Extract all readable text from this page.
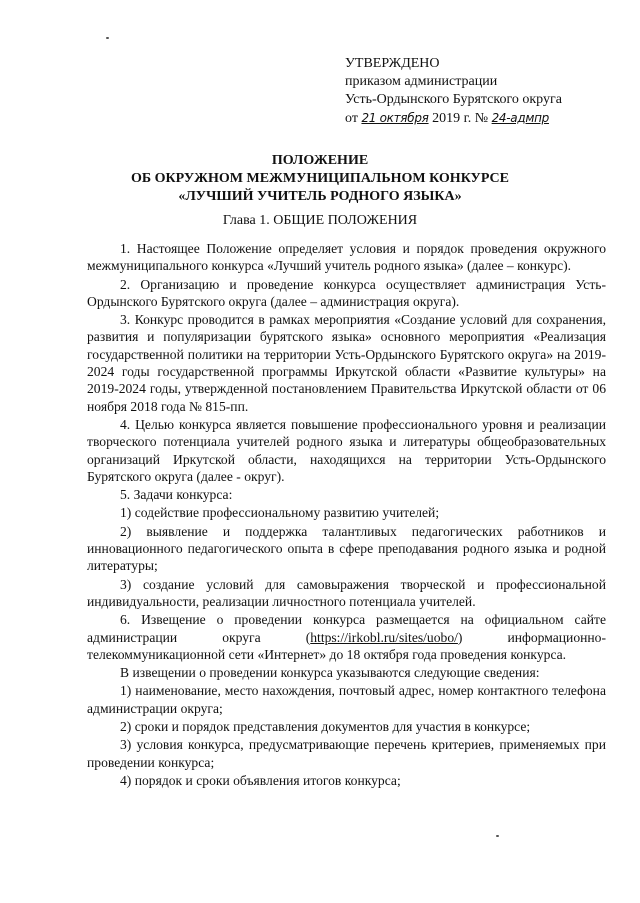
УТВЕРЖДЕНО
приказом администрации
Усть-Ордынского Бурятского округа
от 21 октября 2019 г. № 24-адмпр
ПОЛОЖЕНИЕ
ОБ ОКРУЖНОМ МЕЖМУНИЦИПАЛЬНОМ КОНКУРСЕ
«ЛУЧШИЙ УЧИТЕЛЬ РОДНОГО ЯЗЫКА»
Глава 1. ОБЩИЕ ПОЛОЖЕНИЯ

1. Настоящее Положение определяет условия и порядок проведения окружного межмуниципального конкурса «Лучший учитель родного языка» (далее – конкурс).

2. Организацию и проведение конкурса осуществляет администрация Усть-Ордынского Бурятского округа (далее – администрация округа).

3. Конкурс проводится в рамках мероприятия «Создание условий для сохранения, развития и популяризации бурятского языка» основного мероприятия «Реализация государственной политики на территории Усть-Ордынского Бурятского округа» на 2019-2024 годы государственной программы Иркутской области «Развитие культуры» на 2019-2024 годы, утвержденной постановлением Правительства Иркутской области от 06 ноября 2018 года № 815-пп.

4. Целью конкурса является повышение профессионального уровня и реализации творческого потенциала учителей родного языка и литературы общеобразовательных организаций Иркутской области, находящихся на территории Усть-Ордынского Бурятского округа (далее - округ).

5. Задачи конкурса:

1) содействие профессиональному развитию учителей;

2) выявление и поддержка талантливых педагогических работников и инновационного педагогического опыта в сфере преподавания родного языка и родной литературы;

3) создание условий для самовыражения творческой и профессиональной индивидуальности, реализации личностного потенциала учителей.

6. Извещение о проведении конкурса размещается на официальном сайте администрации округа (https://irkobl.ru/sites/uobo/) информационно-телекоммуникационной сети «Интернет» до 18 октября года проведения конкурса.

В извещении о проведении конкурса указываются следующие сведения:

1) наименование, место нахождения, почтовый адрес, номер контактного телефона администрации округа;

2) сроки и порядок представления документов для участия в конкурсе;

3) условия конкурса, предусматривающие перечень критериев, применяемых при проведении конкурса;

4) порядок и сроки объявления итогов конкурса;
